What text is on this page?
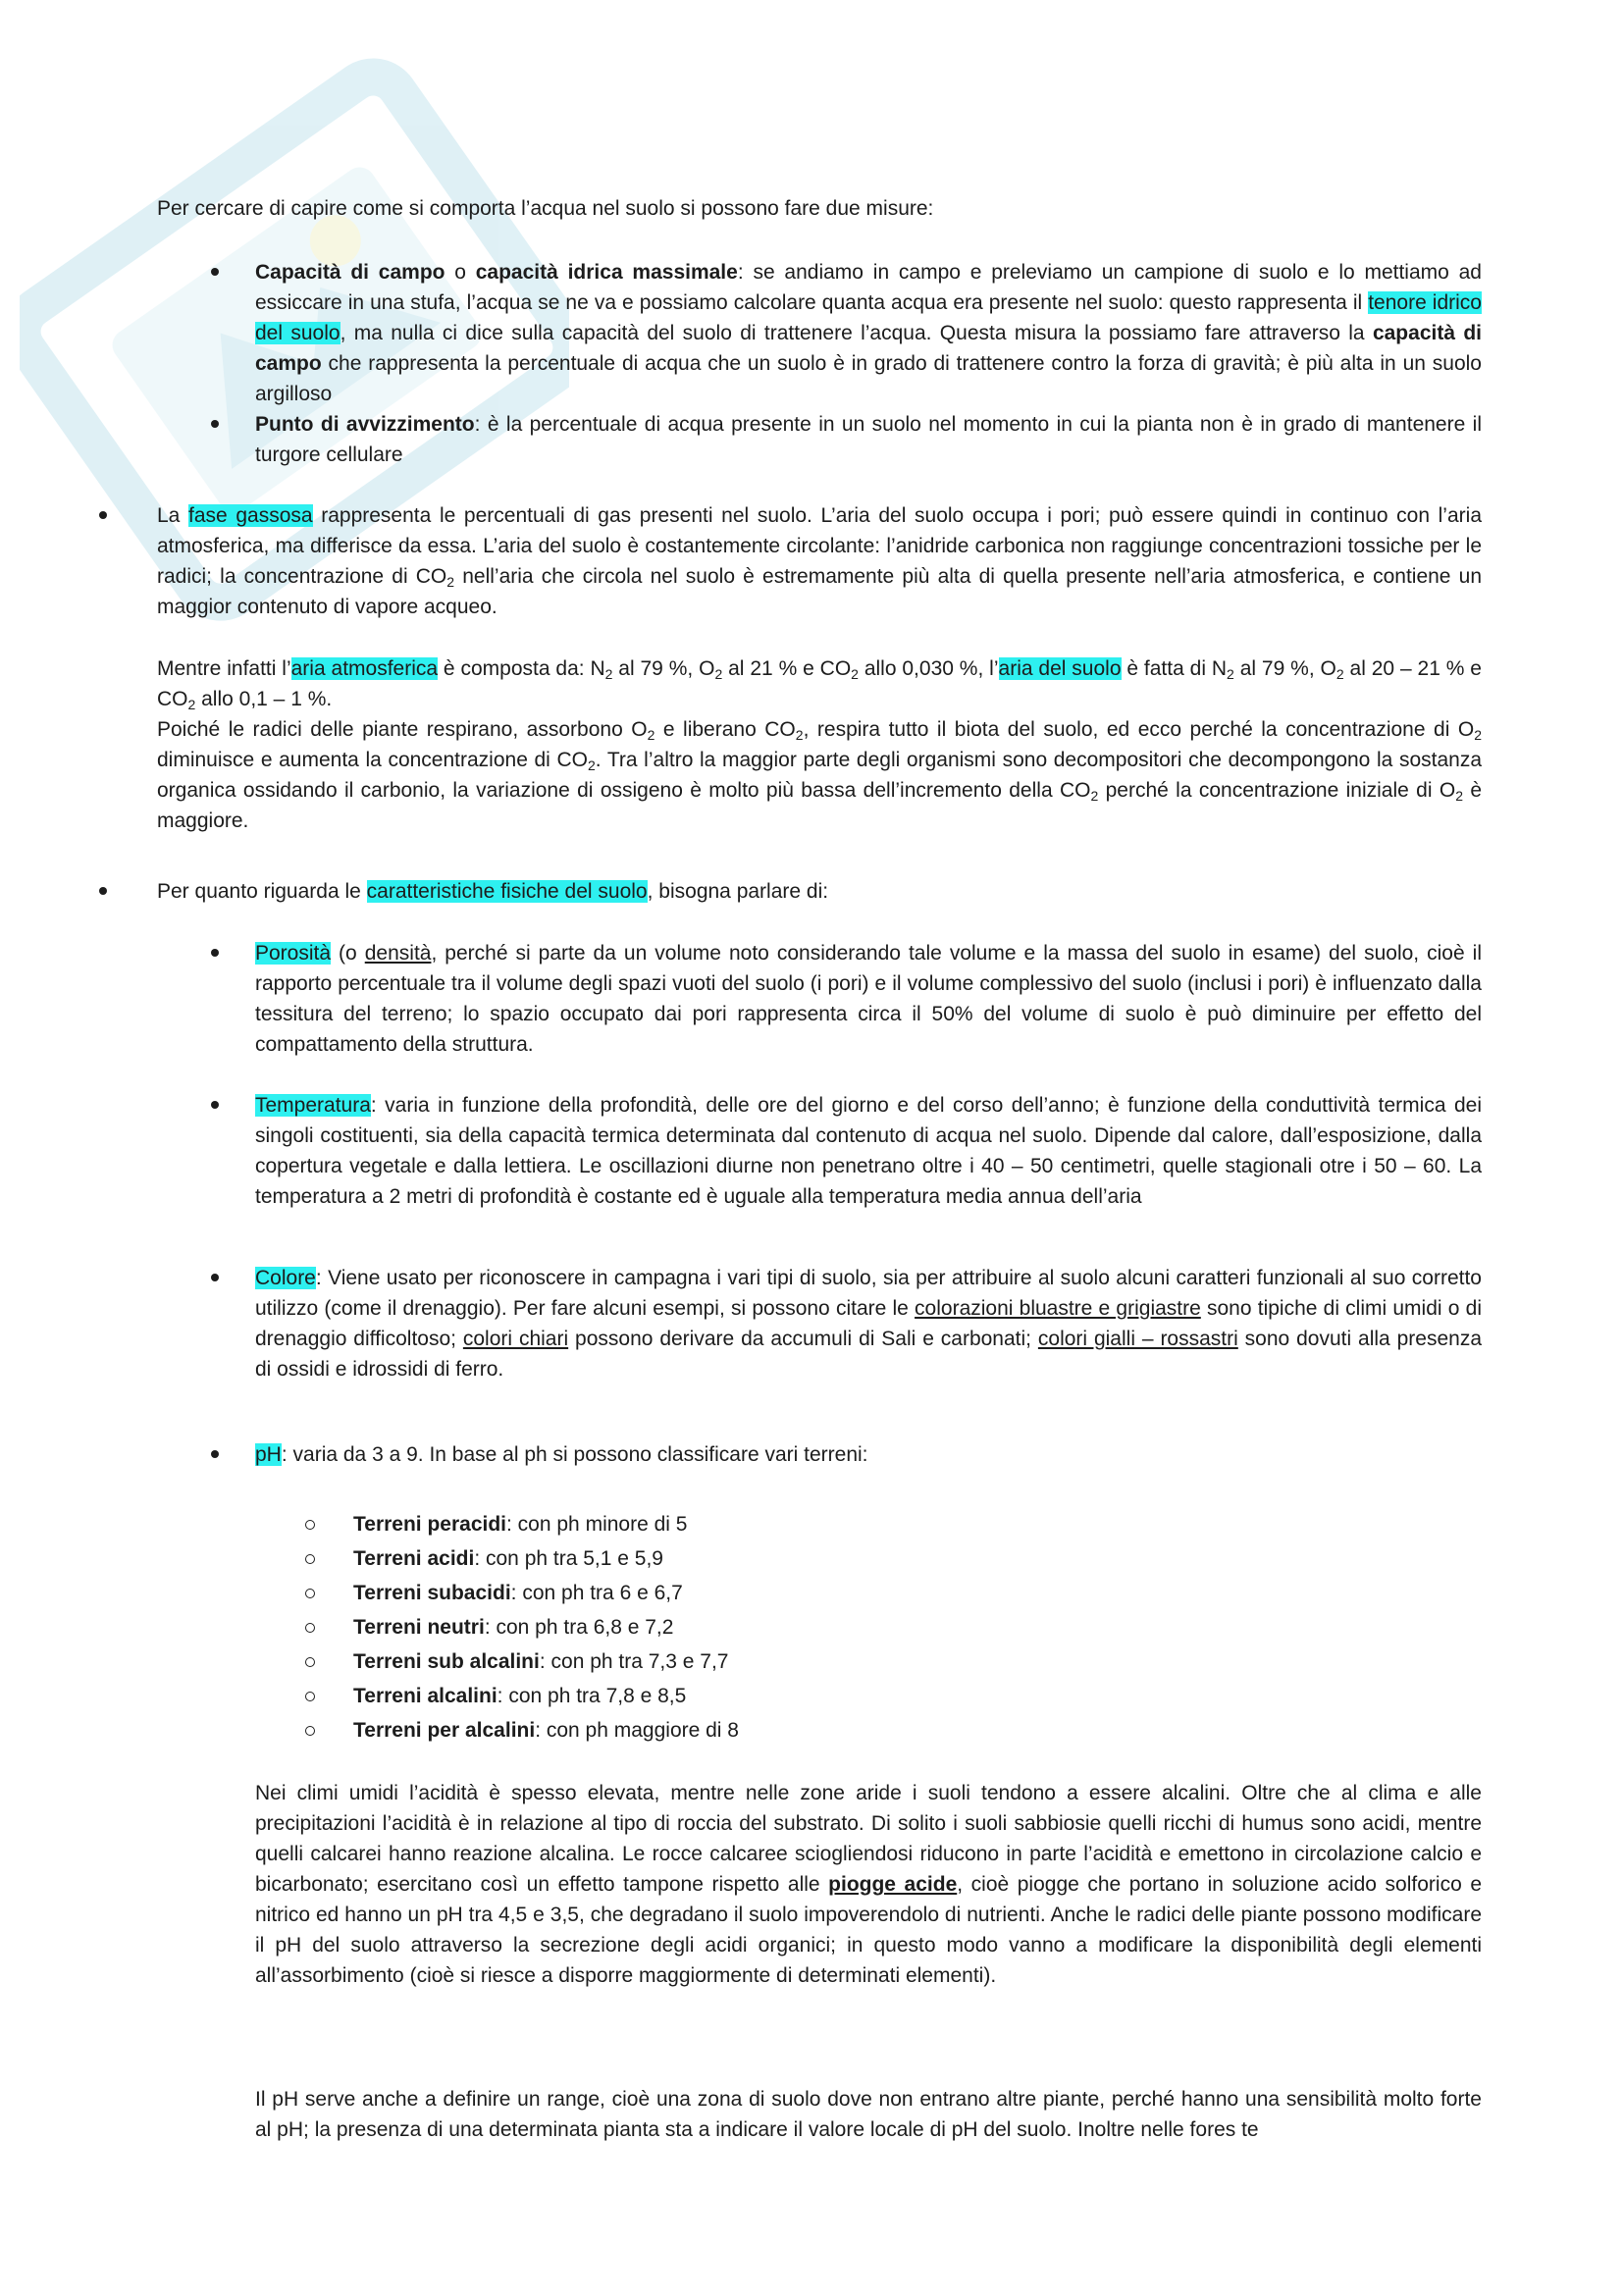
Per cercare di capire come si comporta l’acqua nel suolo si possono fare due misure:

Capacità di campo o capacità idrica massimale: se andiamo in campo e preleviamo un campione di suolo e lo mettiamo ad essiccare in una stufa, l’acqua se ne va e possiamo calcolare quanta acqua era presente nel suolo: questo rappresenta il tenore idrico del suolo, ma nulla ci dice sulla capacità del suolo di trattenere l’acqua. Questa misura la possiamo fare attraverso la capacità di campo che rappresenta la percentuale di acqua che un suolo è in grado di trattenere contro la forza di gravità; è più alta in un suolo argilloso

Punto di avvizzimento: è la percentuale di acqua presente in un suolo nel momento in cui la pianta non è in grado di mantenere il turgore cellulare

La fase gassosa rappresenta le percentuali di gas presenti nel suolo. L’aria del suolo occupa i pori; può essere quindi in continuo con l’aria atmosferica, ma differisce da essa. L’aria del suolo è costantemente circolante: l’anidride carbonica non raggiunge concentrazioni tossiche per le radici; la concentrazione di $CO_2$ nell’aria che circola nel suolo è estremamente più alta di quella presente nell’aria atmosferica, e contiene un maggior contenuto di vapore acqueo.

Mentre infatti l’aria atmosferica è composta da: $N_2$ al 79 %, $O_2$ al 21 % e $CO_2$ allo 0,030 %, l’aria del suolo è fatta di $N_2$ al 79 %, $O_2$ al 20 – 21 % e $CO_2$ allo 0,1 – 1 %.

Poiché le radici delle piante respirano, assorbono $O_2$ e liberano $CO_2$, respira tutto il biota del suolo, ed ecco perché la concentrazione di $O_2$ diminuisce e aumenta la concentrazione di $CO_2$. Tra l’altro la maggior parte degli organismi sono decompositori che decompongono la sostanza organica ossidando il carbonio, la variazione di ossigeno è molto più bassa dell’incremento della $CO_2$ perché la concentrazione iniziale di $O_2$ è maggiore.

Per quanto riguarda le caratteristiche fisiche del suolo, bisogna parlare di:

Porosità (o densità, perché si parte da un volume noto considerando tale volume e la massa del suolo in esame) del suolo, cioè il rapporto percentuale tra il volume degli spazi vuoti del suolo (i pori) e il volume complessivo del suolo (inclusi i pori) è influenzato dalla tessitura del terreno; lo spazio occupato dai pori rappresenta circa il 50% del volume di suolo è può diminuire per effetto del compattamento della struttura.

Temperatura: varia in funzione della profondità, delle ore del giorno e del corso dell’anno; è funzione della conduttività termica dei singoli costituenti, sia della capacità termica determinata dal contenuto di acqua nel suolo. Dipende dal calore, dall’esposizione, dalla copertura vegetale e dalla lettiera. Le oscillazioni diurne non penetrano oltre i 40 – 50 centimetri, quelle stagionali otre i 50 – 60. La temperatura a 2 metri di profondità è costante ed è uguale alla temperatura media annua dell’aria

Colore: Viene usato per riconoscere in campagna i vari tipi di suolo, sia per attribuire al suolo alcuni caratteri funzionali al suo corretto utilizzo (come il drenaggio). Per fare alcuni esempi, si possono citare le colorazioni bluastre e grigiastre sono tipiche di climi umidi o di drenaggio difficoltoso; colori chiari possono derivare da accumuli di Sali e carbonati; colori gialli – rossastri sono dovuti alla presenza di ossidi e idrossidi di ferro.

pH: varia da 3 a 9. In base al ph si possono classificare vari terreni:

Terreni peracidi: con ph minore di 5
Terreni acidi: con ph tra 5,1 e 5,9
Terreni subacidi: con ph tra 6 e 6,7
Terreni neutri: con ph tra 6,8 e 7,2
Terreni sub alcalini: con ph tra 7,3 e 7,7
Terreni alcalini: con ph tra 7,8 e 8,5
Terreni per alcalini: con ph maggiore di 8

Nei climi umidi l’acidità è spesso elevata, mentre nelle zone aride i suoli tendono a essere alcalini. Oltre che al clima e alle precipitazioni l’acidità è in relazione al tipo di roccia del substrato. Di solito i suoli sabbiosie quelli ricchi di humus sono acidi, mentre quelli calcarei hanno reazione alcalina. Le rocce calcaree sciogliendosi riducono in parte l’acidità e emettono in circolazione calcio e bicarbonato; esercitano così un effetto tampone rispetto alle piogge acide, cioè piogge che portano in soluzione acido solforico e nitrico ed hanno un pH tra 4,5 e 3,5, che degradano il suolo impoverendolo di nutrienti. Anche le radici delle piante possono modificare il pH del suolo attraverso la secrezione degli acidi organici; in questo modo vanno a modificare la disponibilità degli elementi all’assorbimento (cioè si riesce a disporre maggiormente di determinati elementi).

Il pH serve anche a definire un range, cioè una zona di suolo dove non entrano altre piante, perché hanno una sensibilità molto forte al pH; la presenza di una determinata pianta sta a indicare il valore locale di pH del suolo. Inoltre nelle fores te
